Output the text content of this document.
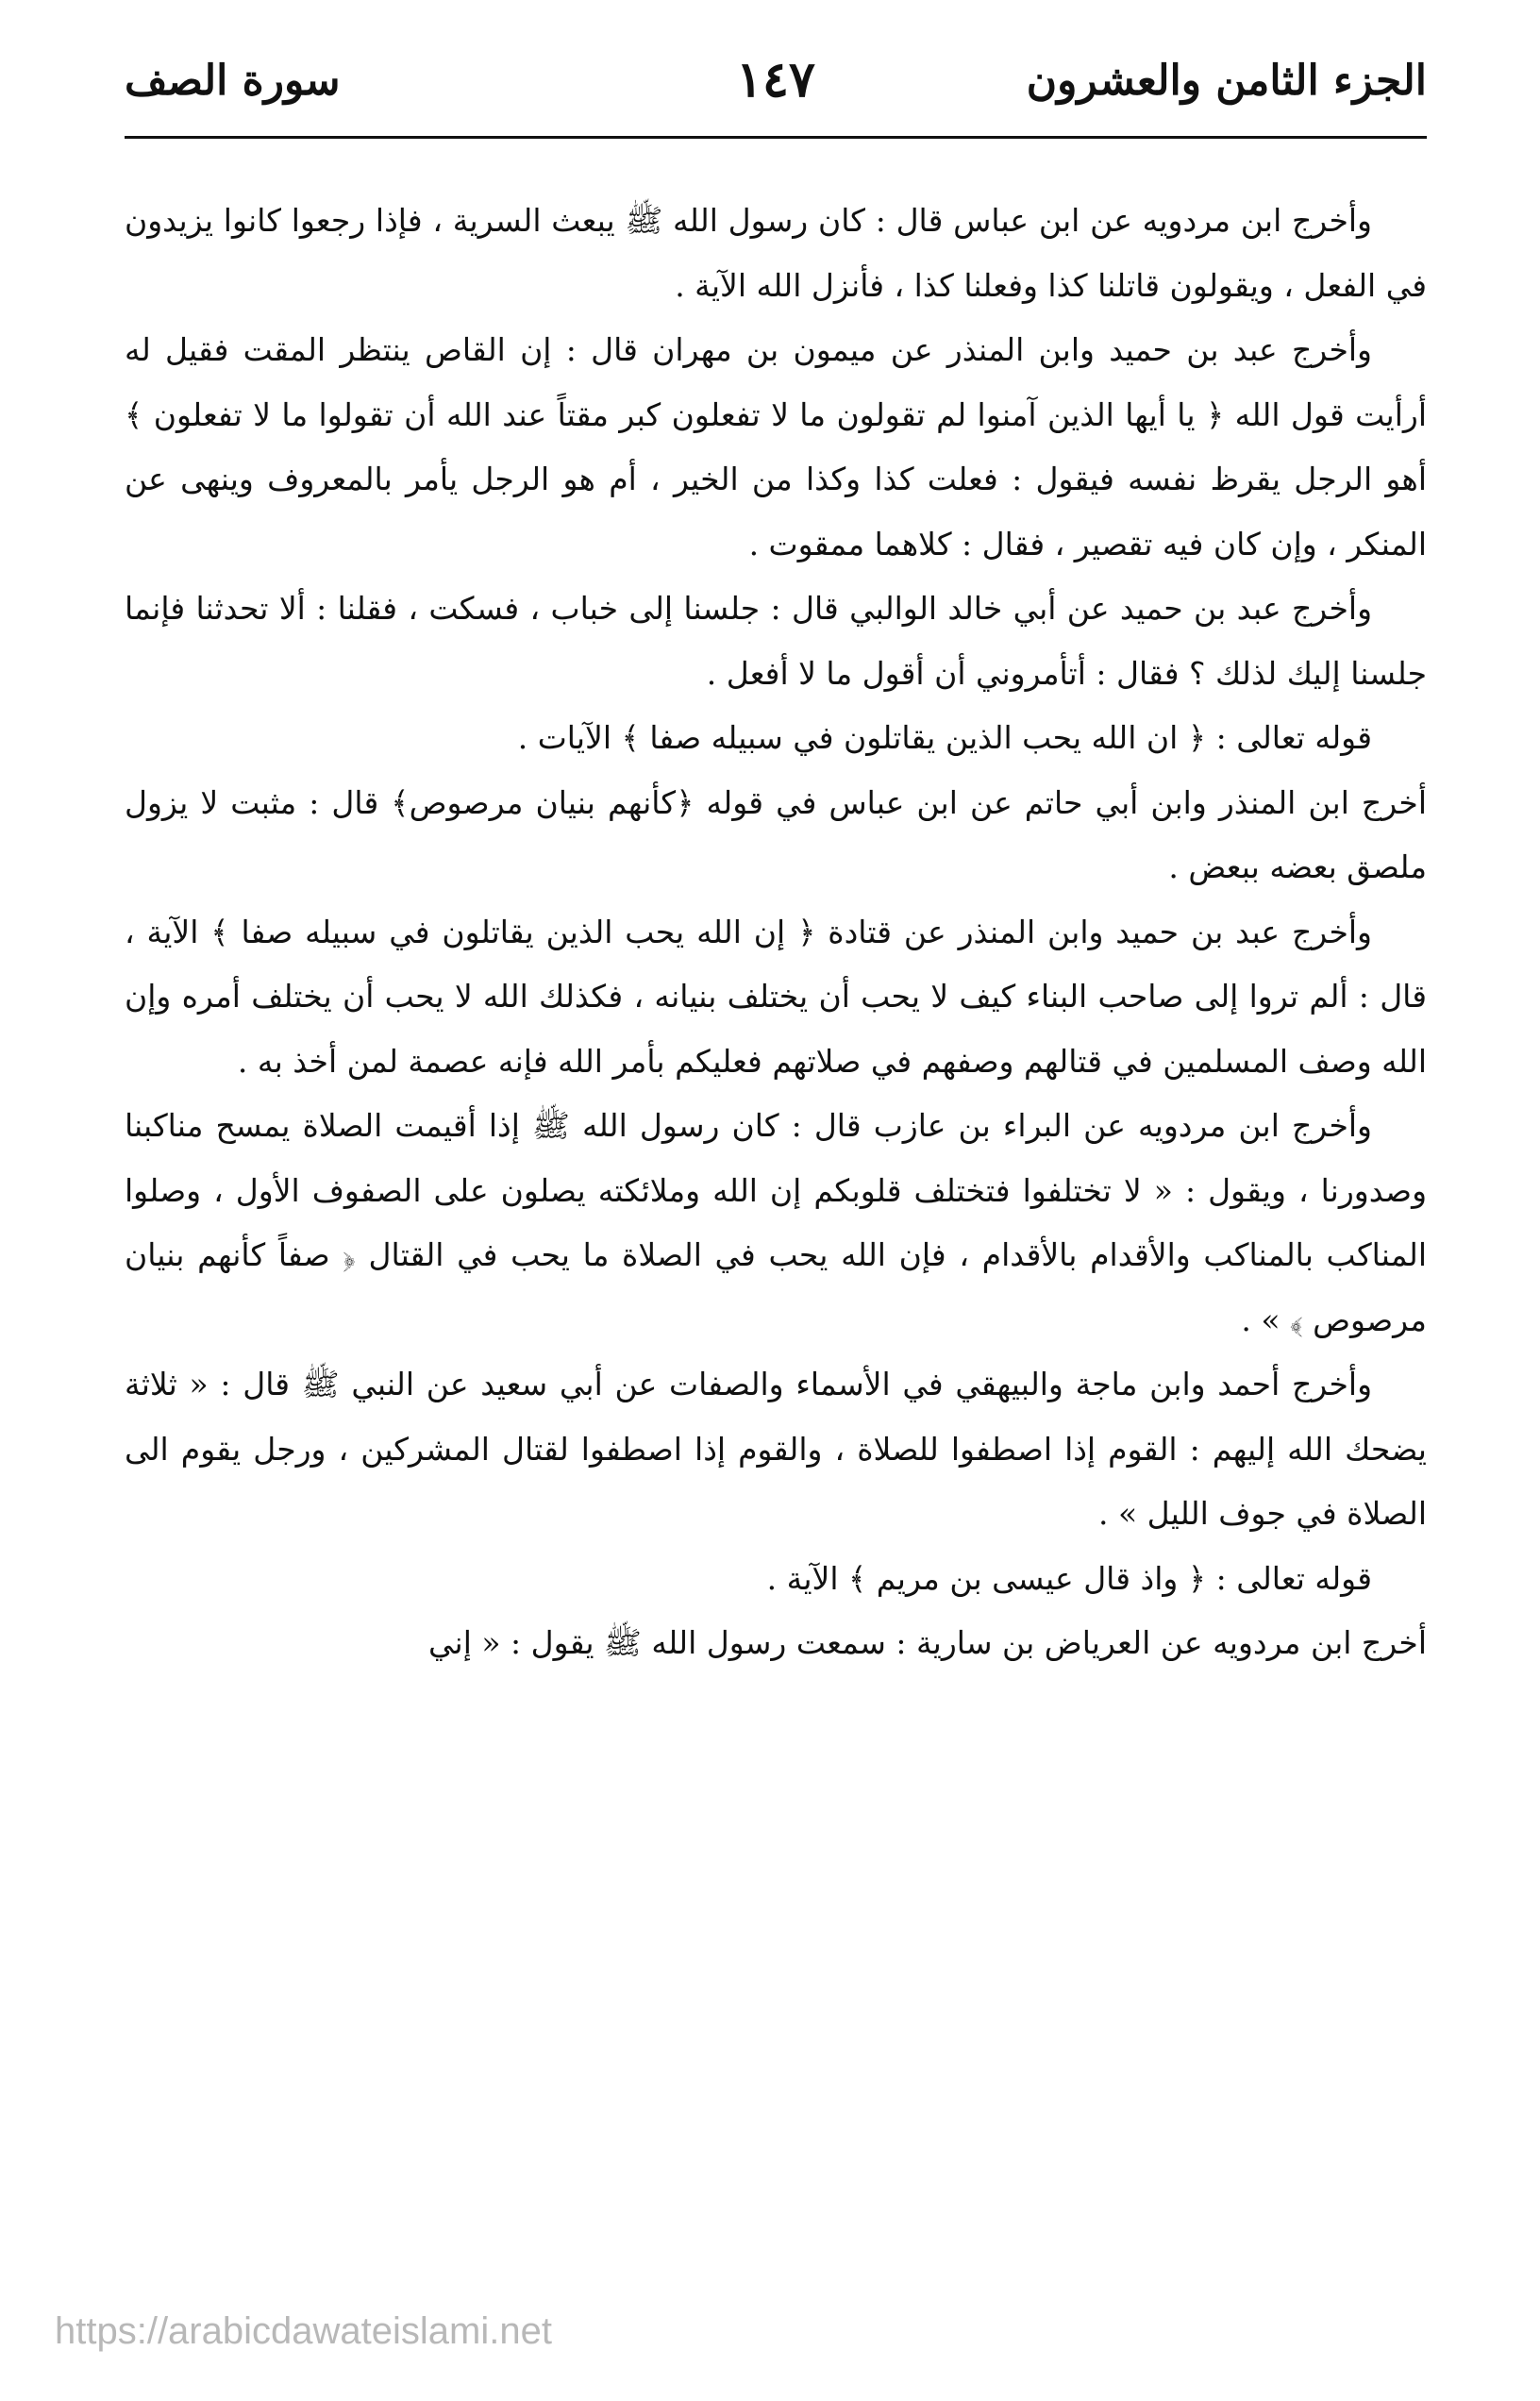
الجزء الثامن والعشرون
١٤٧
سورة الصف

وأخرج ابن مردويه عن ابن عباس قال : كان رسول الله ﷺ يبعث السرية ، فإذا رجعوا كانوا يزيدون في الفعل ، ويقولون قاتلنا كذا وفعلنا كذا ، فأنزل الله الآية .

وأخرج عبد بن حميد وابن المنذر عن ميمون بن مهران قال : إن القاص ينتظر المقت فقيل له أرأيت قول الله ﴿ يا أيها الذين آمنوا لم تقولون ما لا تفعلون كبر مقتاً عند الله أن تقولوا ما لا تفعلون ﴾ أهو الرجل يقرظ نفسه فيقول : فعلت كذا وكذا من الخير ، أم هو الرجل يأمر بالمعروف وينهى عن المنكر ، وإن كان فيه تقصير ، فقال : كلاهما ممقوت .

وأخرج عبد بن حميد عن أبي خالد الوالبي قال : جلسنا إلى خباب ، فسكت ، فقلنا : ألا تحدثنا فإنما جلسنا إليك لذلك ؟ فقال : أتأمروني أن أقول ما لا أفعل .

قوله تعالى : ﴿ ان الله يحب الذين يقاتلون في سبيله صفا ﴾ الآيات .

أخرج ابن المنذر وابن أبي حاتم عن ابن عباس في قوله ﴿كأنهم بنيان مرصوص﴾ قال : مثبت لا يزول ملصق بعضه ببعض .

وأخرج عبد بن حميد وابن المنذر عن قتادة ﴿ إن الله يحب الذين يقاتلون في سبيله صفا ﴾ الآية ، قال : ألم تروا إلى صاحب البناء كيف لا يحب أن يختلف بنيانه ، فكذلك الله لا يحب أن يختلف أمره وإن الله وصف المسلمين في قتالهم وصفهم في صلاتهم فعليكم بأمر الله فإنه عصمة لمن أخذ به .

وأخرج ابن مردويه عن البراء بن عازب قال : كان رسول الله ﷺ إذا أقيمت الصلاة يمسح مناكبنا وصدورنا ، ويقول : « لا تختلفوا فتختلف قلوبكم إن الله وملائكته يصلون على الصفوف الأول ، وصلوا المناكب بالمناكب والأقدام بالأقدام ، فإن الله يحب في الصلاة ما يحب في القتال ﴿ صفاً كأنهم بنيان مرصوص ﴾ » .

وأخرج أحمد وابن ماجة والبيهقي في الأسماء والصفات عن أبي سعيد عن النبي ﷺ قال : « ثلاثة يضحك الله إليهم : القوم إذا اصطفوا للصلاة ، والقوم إذا اصطفوا لقتال المشركين ، ورجل يقوم الى الصلاة في جوف الليل » .

قوله تعالى : ﴿ واذ قال عيسى بن مريم ﴾ الآية .

أخرج ابن مردويه عن العرياض بن سارية : سمعت رسول الله ﷺ يقول : « إني

https://arabicdawateislami.net
